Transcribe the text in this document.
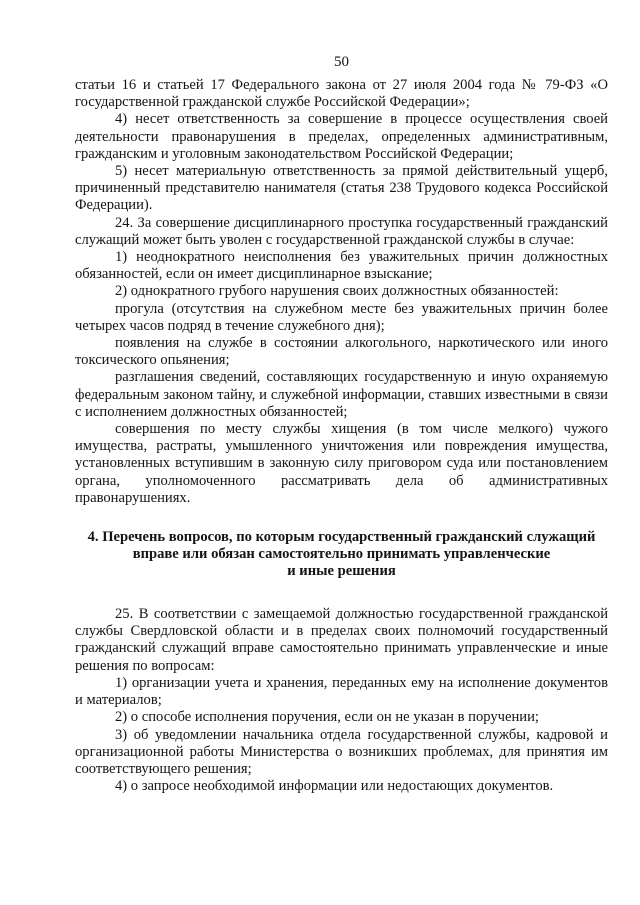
50

статьи 16 и статьей 17 Федерального закона от 27 июля 2004 года № 79-ФЗ «О государственной гражданской службе Российской Федерации»;

4) несет ответственность за совершение в процессе осуществления своей деятельности правонарушения в пределах, определенных административным, гражданским и уголовным законодательством Российской Федерации;

5) несет материальную ответственность за прямой действительный ущерб, причиненный представителю нанимателя (статья 238 Трудового кодекса Российской Федерации).

24. За совершение дисциплинарного проступка государственный гражданский служащий может быть уволен с государственной гражданской службы в случае:

1) неоднократного неисполнения без уважительных причин должностных обязанностей, если он имеет дисциплинарное взыскание;

2) однократного грубого нарушения своих должностных обязанностей:

прогула (отсутствия на служебном месте без уважительных причин более четырех часов подряд в течение служебного дня);

появления на службе в состоянии алкогольного, наркотического или иного токсического опьянения;

разглашения сведений, составляющих государственную и иную охраняемую федеральным законом тайну, и служебной информации, ставших известными в связи с исполнением должностных обязанностей;

совершения по месту службы хищения (в том числе мелкого) чужого имущества, растраты, умышленного уничтожения или повреждения имущества, установленных вступившим в законную силу приговором суда или постановлением органа, уполномоченного рассматривать дела об административных правонарушениях.

4. Перечень вопросов, по которым государственный гражданский служащий
вправе или обязан самостоятельно принимать управленческие
и иные решения

25. В соответствии с замещаемой должностью государственной гражданской службы Свердловской области и в пределах своих полномочий государственный гражданский служащий вправе самостоятельно принимать управленческие и иные решения по вопросам:

1) организации учета и хранения, переданных ему на исполнение документов и материалов;

2) о способе исполнения поручения, если он не указан в поручении;

3) об уведомлении начальника отдела государственной службы, кадровой и организационной работы Министерства о возникших проблемах, для принятия им соответствующего решения;

4) о запросе необходимой информации или недостающих документов.
